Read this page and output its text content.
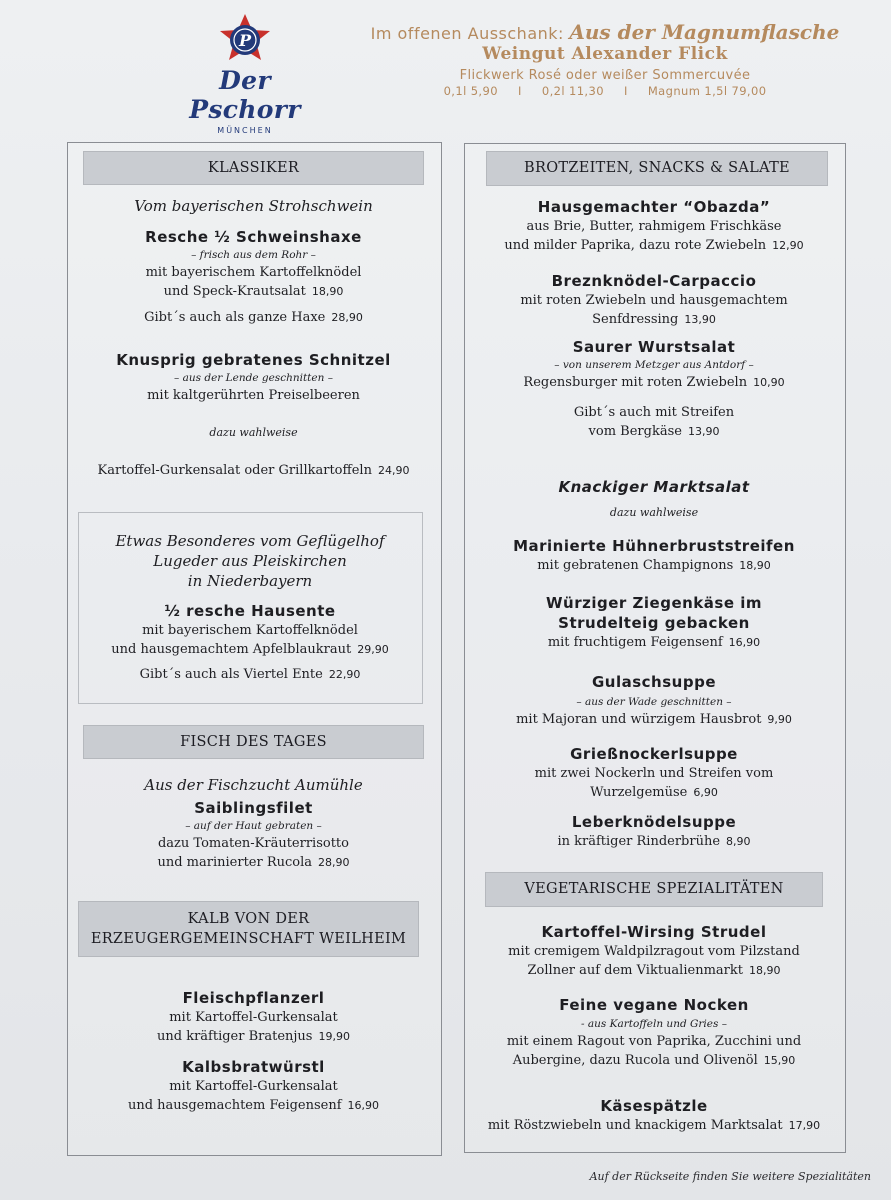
P
Der Pschorr
MÜNCHEN
Im offenen Ausschank: Aus der Magnumflasche
Weingut Alexander Flick
Flickwerk Rosé oder weißer Sommercuvée
0,1l 5,90 I 0,2l 11,30 I Magnum 1,5l 79,00
KLASSIKER
Vom bayerischen Strohschwein
Resche ½ Schweinshaxe
– frisch aus dem Rohr –
mit bayerischem Kartoffelknödel
und Speck-Krautsalat 18,90
Gibt´s auch als ganze Haxe 28,90
Knusprig gebratenes Schnitzel
– aus der Lende geschnitten –
mit kaltgerührten Preiselbeeren
dazu wahlweise
Kartoffel-Gurkensalat oder Grillkartoffeln 24,90
Etwas Besonderes vom Geflügelhof
Lugeder aus Pleiskirchen
in Niederbayern
½ resche Hausente
mit bayerischem Kartoffelknödel
und hausgemachtem Apfelblaukraut 29,90
Gibt´s auch als Viertel Ente 22,90
FISCH DES TAGES
Aus der Fischzucht Aumühle
Saiblingsfilet
– auf der Haut gebraten –
dazu Tomaten-Kräuterrisotto
und marinierter Rucola 28,90
KALB VON DER
ERZEUGERGEMEINSCHAFT WEILHEIM
Fleischpflanzerl
mit Kartoffel-Gurkensalat
und kräftiger Bratenjus 19,90
Kalbsbratwürstl
mit Kartoffel-Gurkensalat
und hausgemachtem Feigensenf 16,90
BROTZEITEN, SNACKS & SALATE
Hausgemachter “Obazda”
aus Brie, Butter, rahmigem Frischkäse
und milder Paprika, dazu rote Zwiebeln 12,90
Breznknödel-Carpaccio
mit roten Zwiebeln und hausgemachtem
Senfdressing 13,90
Saurer Wurstsalat
– von unserem Metzger aus Antdorf –
Regensburger mit roten Zwiebeln 10,90
Gibt´s auch mit Streifen
vom Bergkäse 13,90
Knackiger Marktsalat
dazu wahlweise
Marinierte Hühnerbruststreifen
mit gebratenen Champignons 18,90
Würziger Ziegenkäse im
Strudelteig gebacken
mit fruchtigem Feigensenf 16,90
Gulaschsuppe
– aus der Wade geschnitten –
mit Majoran und würzigem Hausbrot 9,90
Grießnockerlsuppe
mit zwei Nockerln und Streifen vom
Wurzelgemüse 6,90
Leberknödelsuppe
in kräftiger Rinderbrühe 8,90
VEGETARISCHE SPEZIALITÄTEN
Kartoffel-Wirsing Strudel
mit cremigem Waldpilzragout vom Pilzstand
Zollner auf dem Viktualienmarkt 18,90
Feine vegane Nocken
- aus Kartoffeln und Gries –
mit einem Ragout von Paprika, Zucchini und
Aubergine, dazu Rucola und Olivenöl 15,90
Käsespätzle
mit Röstzwiebeln und knackigem Marktsalat 17,90
Auf der Rückseite finden Sie weitere Spezialitäten
